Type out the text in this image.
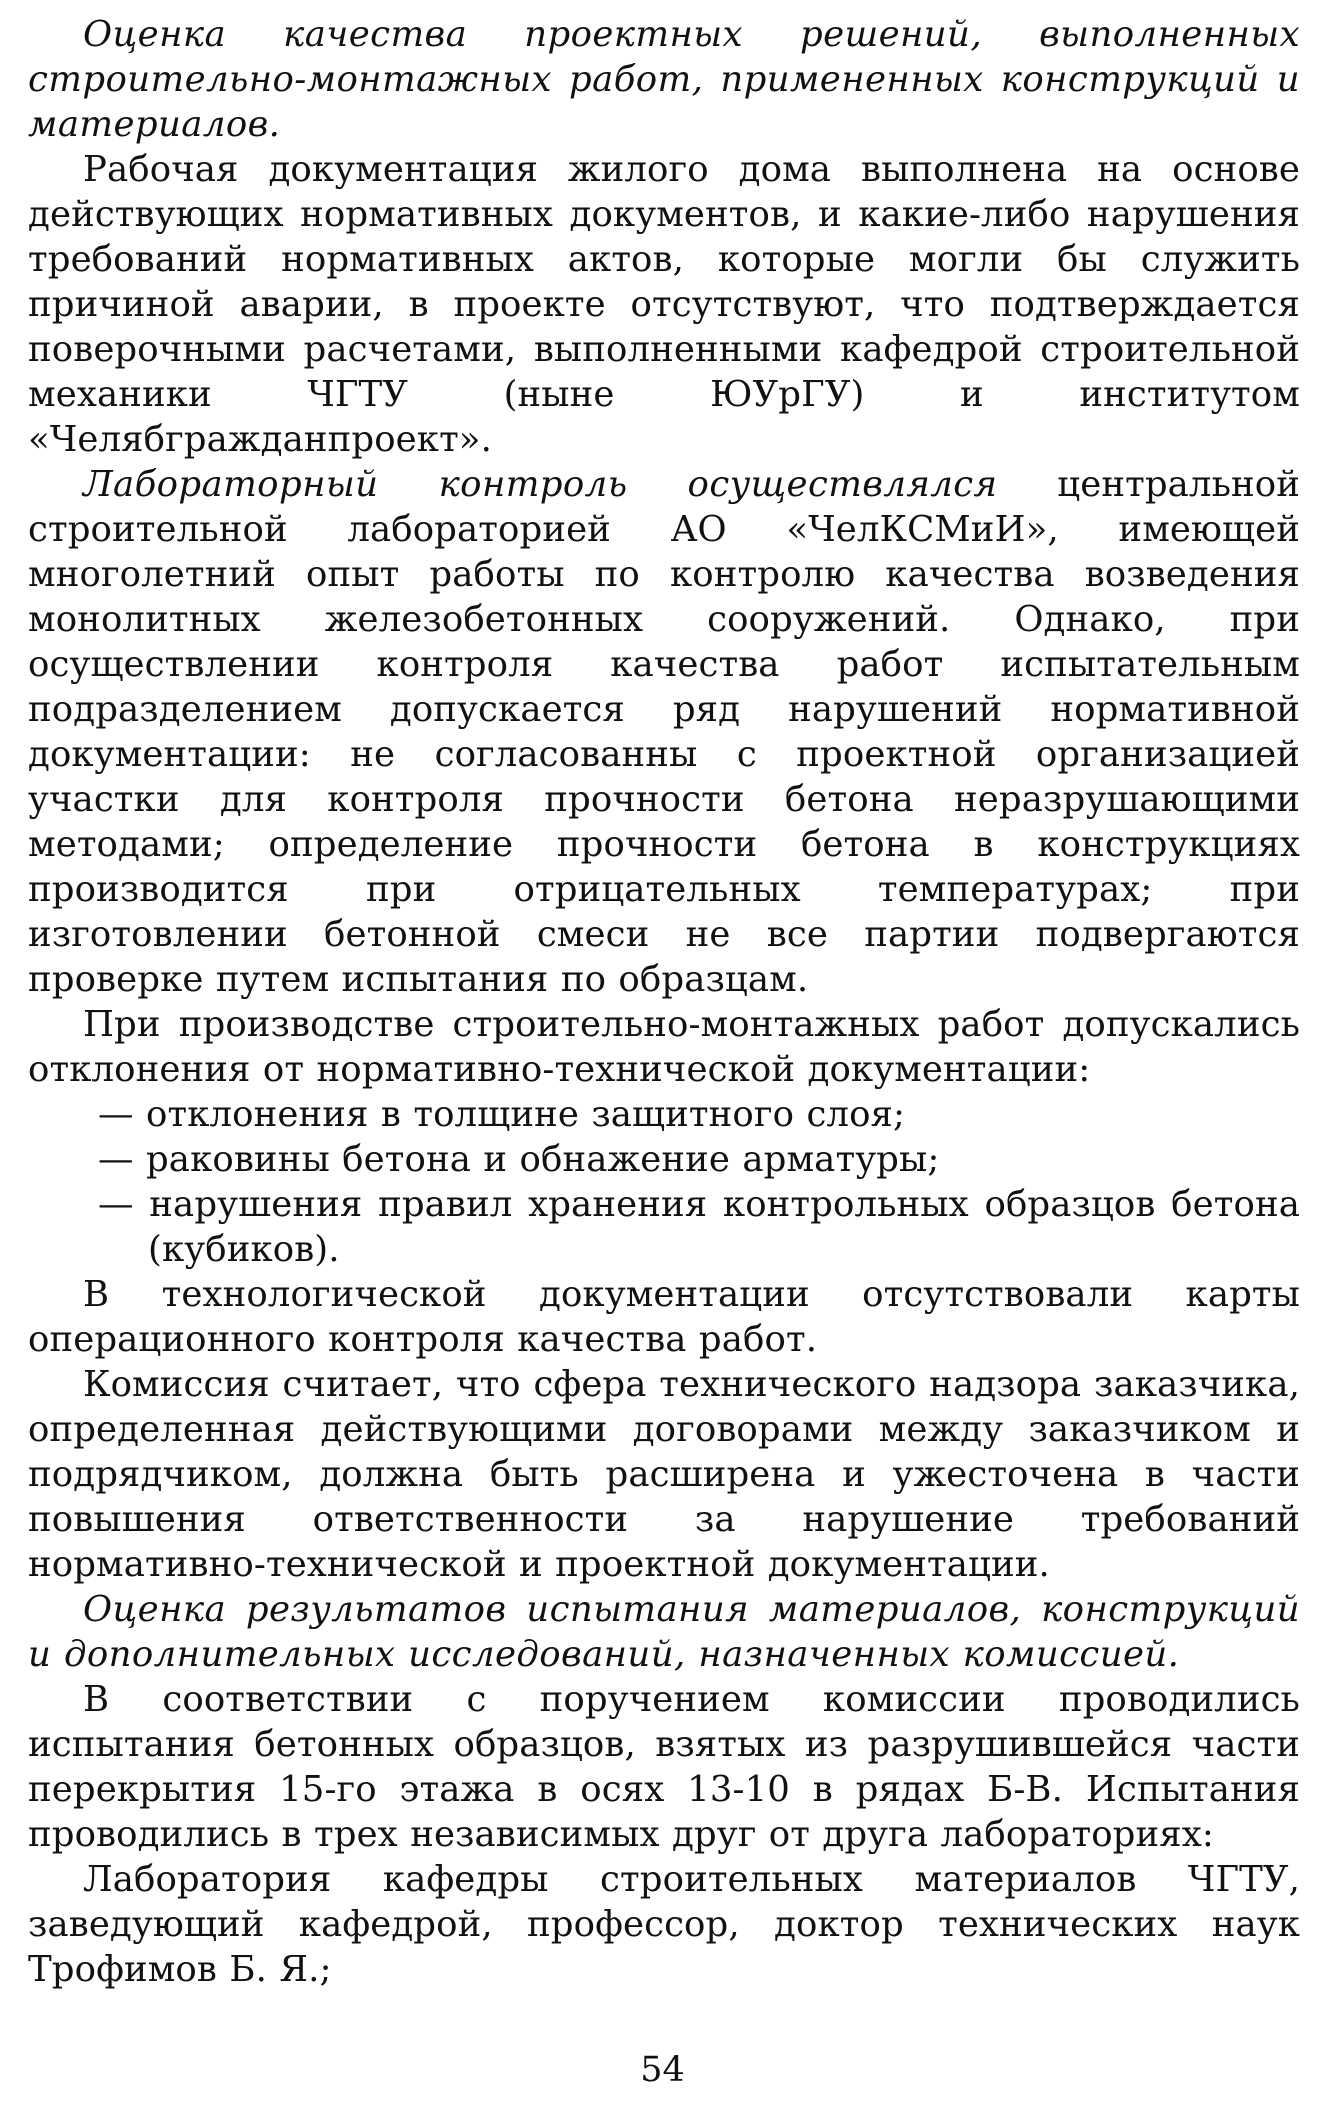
Оценка качества проектных решений, выполненных строительно-монтажных работ, примененных конструкций и материалов.

Рабочая документация жилого дома выполнена на основе действующих нормативных документов, и какие-либо нарушения требований нормативных актов, которые могли бы служить причиной аварии, в проекте отсутствуют, что подтверждается поверочными расчетами, выполненными кафедрой строительной механики ЧГТУ (ныне ЮУрГУ) и институтом «Челябгражданпроект».

Лабораторный контроль осуществлялся центральной строительной лабораторией АО «ЧелКСМиИ», имеющей многолетний опыт работы по контролю качества возведения монолитных железобетонных сооружений. Однако, при осуществлении контроля качества работ испытательным подразделением допускается ряд нарушений нормативной документации: не согласованны с проектной организацией участки для контроля прочности бетона неразрушающими методами; определение прочности бетона в конструкциях производится при отрицательных температурах; при изготовлении бетонной смеси не все партии подвергаются проверке путем испытания по образцам.

При производстве строительно-монтажных работ допускались отклонения от нормативно-технической документации:

— отклонения в толщине защитного слоя;

— раковины бетона и обнажение арматуры;

— нарушения правил хранения контрольных образцов бетона (кубиков).

В технологической документации отсутствовали карты операционного контроля качества работ.

Комиссия считает, что сфера технического надзора заказчика, определенная действующими договорами между заказчиком и подрядчиком, должна быть расширена и ужесточена в части повышения ответственности за нарушение требований нормативно-технической и проектной документации.

Оценка результатов испытания материалов, конструкций и дополнительных исследований, назначенных комиссией.

В соответствии с поручением комиссии проводились испытания бетонных образцов, взятых из разрушившейся части перекрытия 15-го этажа в осях 13-10 в рядах Б-В. Испытания проводились в трех независимых друг от друга лабораториях:

Лаборатория кафедры строительных материалов ЧГТУ, заведующий кафедрой, профессор, доктор технических наук Трофимов Б. Я.;

54
